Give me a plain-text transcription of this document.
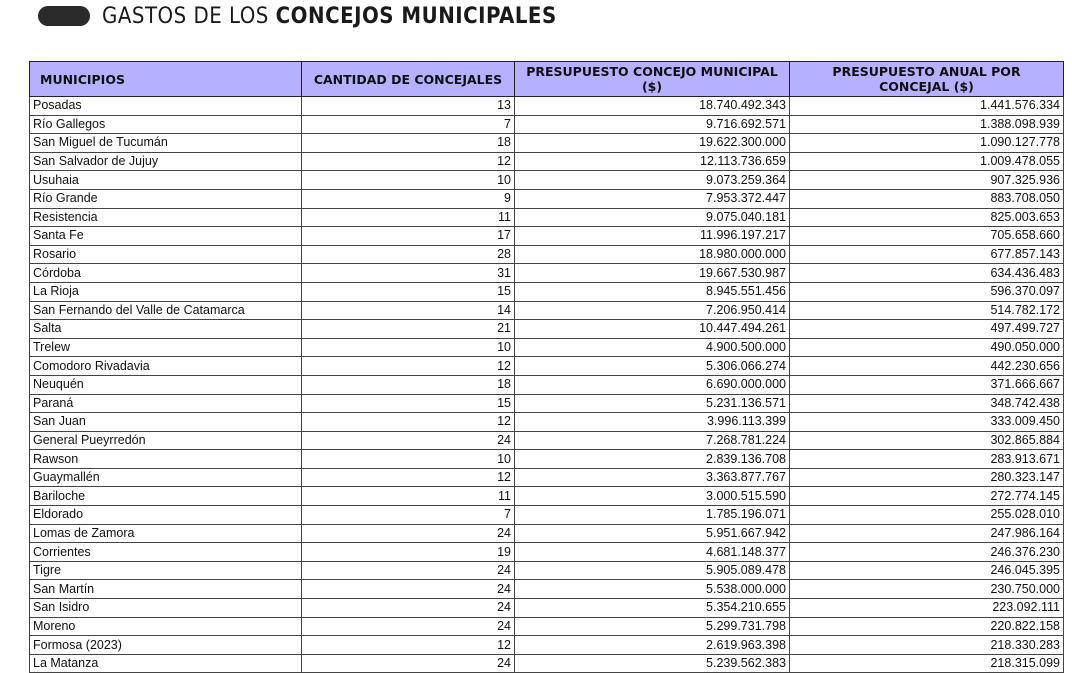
GASTOS DE LOS CONCEJOS MUNICIPALES
MUNICIPIOS	CANTIDAD DE CONCEJALES	PRESUPUESTO CONCEJO MUNICIPAL ($)	PRESUPUESTO ANUAL POR CONCEJAL ($)
Posadas	13	18.740.492.343	1.441.576.334
Río Gallegos	7	9.716.692.571	1.388.098.939
San Miguel de Tucumán	18	19.622.300.000	1.090.127.778
San Salvador de Jujuy	12	12.113.736.659	1.009.478.055
Usuhaia	10	9.073.259.364	907.325.936
Río Grande	9	7.953.372.447	883.708.050
Resistencia	11	9.075.040.181	825.003.653
Santa Fe	17	11.996.197.217	705.658.660
Rosario	28	18.980.000.000	677.857.143
Córdoba	31	19.667.530.987	634.436.483
La Rioja	15	8.945.551.456	596.370.097
San Fernando del Valle de Catamarca	14	7.206.950.414	514.782.172
Salta	21	10.447.494.261	497.499.727
Trelew	10	4.900.500.000	490.050.000
Comodoro Rivadavia	12	5.306.066.274	442.230.656
Neuquén	18	6.690.000.000	371.666.667
Paraná	15	5.231.136.571	348.742.438
San Juan	12	3.996.113.399	333.009.450
General Pueyrredón	24	7.268.781.224	302.865.884
Rawson	10	2.839.136.708	283.913.671
Guaymallén	12	3.363.877.767	280.323.147
Bariloche	11	3.000.515.590	272.774.145
Eldorado	7	1.785.196.071	255.028.010
Lomas de Zamora	24	5.951.667.942	247.986.164
Corrientes	19	4.681.148.377	246.376.230
Tigre	24	5.905.089.478	246.045.395
San Martín	24	5.538.000.000	230.750.000
San Isidro	24	5.354.210.655	223.092.111
Moreno	24	5.299.731.798	220.822.158
Formosa (2023)	12	2.619.963.398	218.330.283
La Matanza	24	5.239.562.383	218.315.099
